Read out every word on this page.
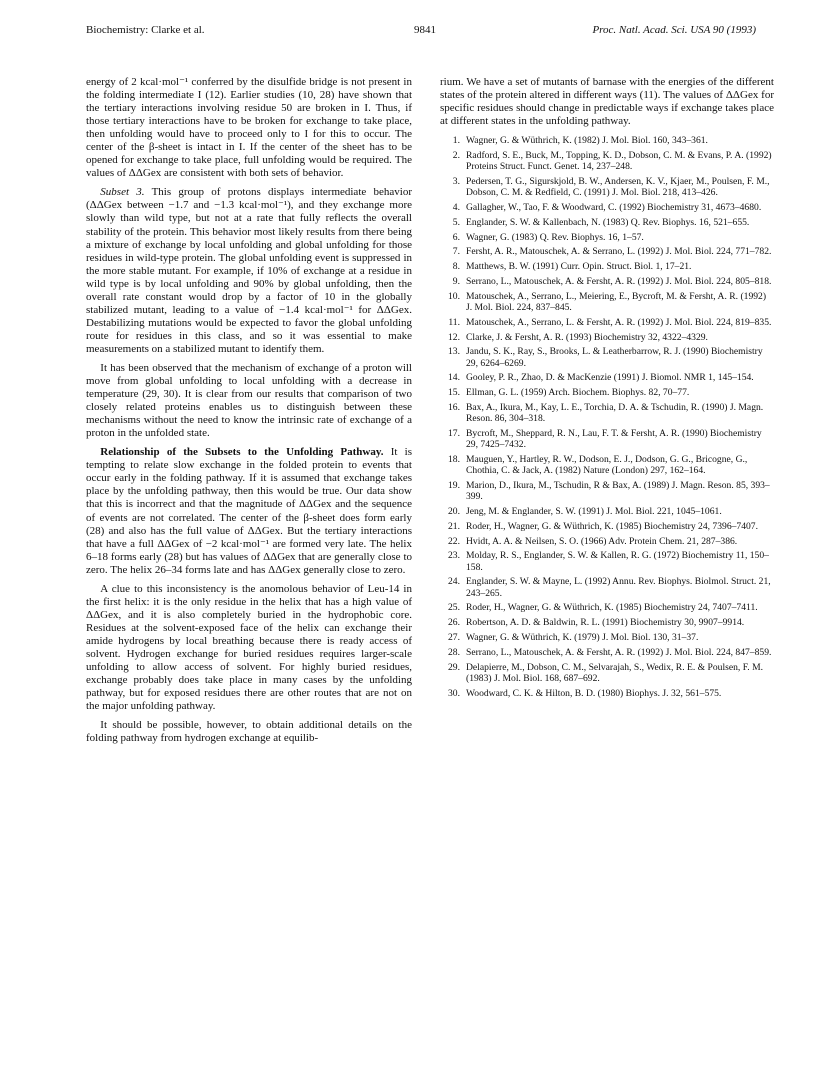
Biochemistry: Clarke et al.	9841	Proc. Natl. Acad. Sci. USA 90 (1993)

energy of 2 kcal·mol⁻¹ conferred by the disulfide bridge is not present in the folding intermediate I (12). Earlier studies (10, 28) have shown that the tertiary interactions involving residue 50 are broken in I. Thus, if those tertiary interactions have to be broken for exchange to take place, then unfolding would have to proceed only to I for this to occur. The center of the β-sheet is intact in I. If the center of the sheet has to be opened for exchange to take place, full unfolding would be required. The values of ΔΔGex are consistent with both sets of behavior.

Subset 3. This group of protons displays intermediate behavior (ΔΔGex between −1.7 and −1.3 kcal·mol⁻¹), and they exchange more slowly than wild type, but not at a rate that fully reflects the overall stability of the protein. This behavior most likely results from there being a mixture of exchange by local unfolding and global unfolding for those residues in wild-type protein. The global unfolding event is suppressed in the more stable mutant. For example, if 10% of exchange at a residue in wild type is by local unfolding and 90% by global unfolding, then the overall rate constant would drop by a factor of 10 in the globally stabilized mutant, leading to a value of −1.4 kcal·mol⁻¹ for ΔΔGex. Destabilizing mutations would be expected to favor the global unfolding route for residues in this class, and so it was essential to make measurements on a stabilized mutant to identify them.

It has been observed that the mechanism of exchange of a proton will move from global unfolding to local unfolding with a decrease in temperature (29, 30). It is clear from our results that comparison of two closely related proteins enables us to distinguish between these mechanisms without the need to know the intrinsic rate of exchange of a proton in the unfolded state.

Relationship of the Subsets to the Unfolding Pathway. It is tempting to relate slow exchange in the folded protein to events that occur early in the folding pathway. If it is assumed that exchange takes place by the unfolding pathway, then this would be true. Our data show that this is incorrect and that the magnitude of ΔΔGex and the sequence of events are not correlated. The center of the β-sheet does form early (28) and also has the full value of ΔΔGex. But the tertiary interactions that have a full ΔΔGex of −2 kcal·mol⁻¹ are formed very late. The helix 6–18 forms early (28) but has values of ΔΔGex that are generally close to zero. The helix 26–34 forms late and has ΔΔGex generally close to zero.

A clue to this inconsistency is the anomolous behavior of Leu-14 in the first helix: it is the only residue in the helix that has a high value of ΔΔGex, and it is also completely buried in the hydrophobic core. Residues at the solvent-exposed face of the helix can exchange their amide hydrogens by local breathing because there is ready access of solvent. Hydrogen exchange for buried residues requires larger-scale unfolding to allow access of solvent. For highly buried residues, exchange probably does take place in many cases by the unfolding pathway, but for exposed residues there are other routes that are not on the major unfolding pathway.

It should be possible, however, to obtain additional details on the folding pathway from hydrogen exchange at equilib-

rium. We have a set of mutants of barnase with the energies of the different states of the protein altered in different ways (11). The values of ΔΔGex for specific residues should change in predictable ways if exchange takes place at different states in the unfolding pathway.

1. Wagner, G. & Wüthrich, K. (1982) J. Mol. Biol. 160, 343–361.
2. Radford, S. E., Buck, M., Topping, K. D., Dobson, C. M. & Evans, P. A. (1992) Proteins Struct. Funct. Genet. 14, 237–248.
3. Pedersen, T. G., Sigurskjold, B. W., Andersen, K. V., Kjaer, M., Poulsen, F. M., Dobson, C. M. & Redfield, C. (1991) J. Mol. Biol. 218, 413–426.
4. Gallagher, W., Tao, F. & Woodward, C. (1992) Biochemistry 31, 4673–4680.
5. Englander, S. W. & Kallenbach, N. (1983) Q. Rev. Biophys. 16, 521–655.
6. Wagner, G. (1983) Q. Rev. Biophys. 16, 1–57.
7. Fersht, A. R., Matouschek, A. & Serrano, L. (1992) J. Mol. Biol. 224, 771–782.
8. Matthews, B. W. (1991) Curr. Opin. Struct. Biol. 1, 17–21.
9. Serrano, L., Matouschek, A. & Fersht, A. R. (1992) J. Mol. Biol. 224, 805–818.
10. Matouschek, A., Serrano, L., Meiering, E., Bycroft, M. & Fersht, A. R. (1992) J. Mol. Biol. 224, 837–845.
11. Matouschek, A., Serrano, L. & Fersht, A. R. (1992) J. Mol. Biol. 224, 819–835.
12. Clarke, J. & Fersht, A. R. (1993) Biochemistry 32, 4322–4329.
13. Jandu, S. K., Ray, S., Brooks, L. & Leatherbarrow, R. J. (1990) Biochemistry 29, 6264–6269.
14. Gooley, P. R., Zhao, D. & MacKenzie (1991) J. Biomol. NMR 1, 145–154.
15. Ellman, G. L. (1959) Arch. Biochem. Biophys. 82, 70–77.
16. Bax, A., Ikura, M., Kay, L. E., Torchia, D. A. & Tschudin, R. (1990) J. Magn. Reson. 86, 304–318.
17. Bycroft, M., Sheppard, R. N., Lau, F. T. & Fersht, A. R. (1990) Biochemistry 29, 7425–7432.
18. Mauguen, Y., Hartley, R. W., Dodson, E. J., Dodson, G. G., Bricogne, G., Chothia, C. & Jack, A. (1982) Nature (London) 297, 162–164.
19. Marion, D., Ikura, M., Tschudin, R & Bax, A. (1989) J. Magn. Reson. 85, 393–399.
20. Jeng, M. & Englander, S. W. (1991) J. Mol. Biol. 221, 1045–1061.
21. Roder, H., Wagner, G. & Wüthrich, K. (1985) Biochemistry 24, 7396–7407.
22. Hvidt, A. A. & Neilsen, S. O. (1966) Adv. Protein Chem. 21, 287–386.
23. Molday, R. S., Englander, S. W. & Kallen, R. G. (1972) Biochemistry 11, 150–158.
24. Englander, S. W. & Mayne, L. (1992) Annu. Rev. Biophys. Biolmol. Struct. 21, 243–265.
25. Roder, H., Wagner, G. & Wüthrich, K. (1985) Biochemistry 24, 7407–7411.
26. Robertson, A. D. & Baldwin, R. L. (1991) Biochemistry 30, 9907–9914.
27. Wagner, G. & Wüthrich, K. (1979) J. Mol. Biol. 130, 31–37.
28. Serrano, L., Matouschek, A. & Fersht, A. R. (1992) J. Mol. Biol. 224, 847–859.
29. Delapierre, M., Dobson, C. M., Selvarajah, S., Wedix, R. E. & Poulsen, F. M. (1983) J. Mol. Biol. 168, 687–692.
30. Woodward, C. K. & Hilton, B. D. (1980) Biophys. J. 32, 561–575.
